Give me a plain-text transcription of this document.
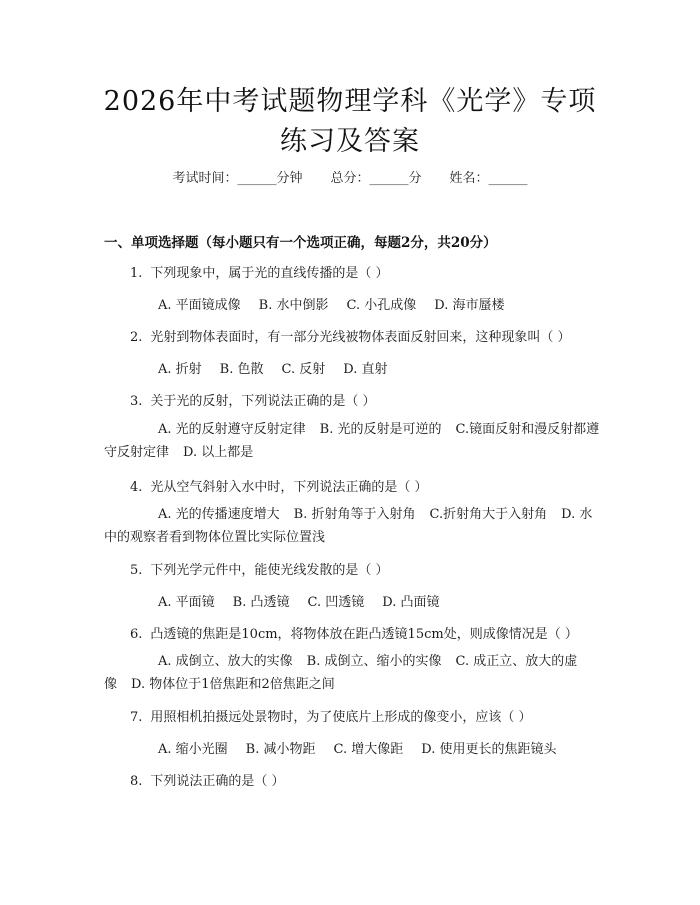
2026年中考试题物理学科《光学》专项练习及答案
考试时间：______分钟 总分：______分 姓名：______
一、单项选择题（每小题只有一个选项正确，每题2分，共20分）
1. 下列现象中，属于光的直线传播的是（ ）
A. 平面镜成像 B. 水中倒影 C. 小孔成像 D. 海市蜃楼
2. 光射到物体表面时，有一部分光线被物体表面反射回来，这种现象叫（ ）
A. 折射 B. 色散 C. 反射 D. 直射
3. 关于光的反射，下列说法正确的是（ ）
A. 光的反射遵守反射定律 B. 光的反射是可逆的 C.镜面反射和漫反射都遵守反射定律 D. 以上都是
4. 光从空气斜射入水中时，下列说法正确的是（ ）
A. 光的传播速度增大 B. 折射角等于入射角 C.折射角大于入射角 D. 水中的观察者看到物体位置比实际位置浅
5. 下列光学元件中，能使光线发散的是（ ）
A. 平面镜 B. 凸透镜 C. 凹透镜 D. 凸面镜
6. 凸透镜的焦距是10cm，将物体放在距凸透镜15cm处，则成像情况是（ ）
A. 成倒立、放大的实像 B. 成倒立、缩小的实像 C. 成正立、放大的虚像 D. 物体位于1倍焦距和2倍焦距之间
7. 用照相机拍摄远处景物时，为了使底片上形成的像变小，应该（ ）
A. 缩小光圈 B. 减小物距 C. 增大像距 D. 使用更长的焦距镜头
8. 下列说法正确的是（ ）
